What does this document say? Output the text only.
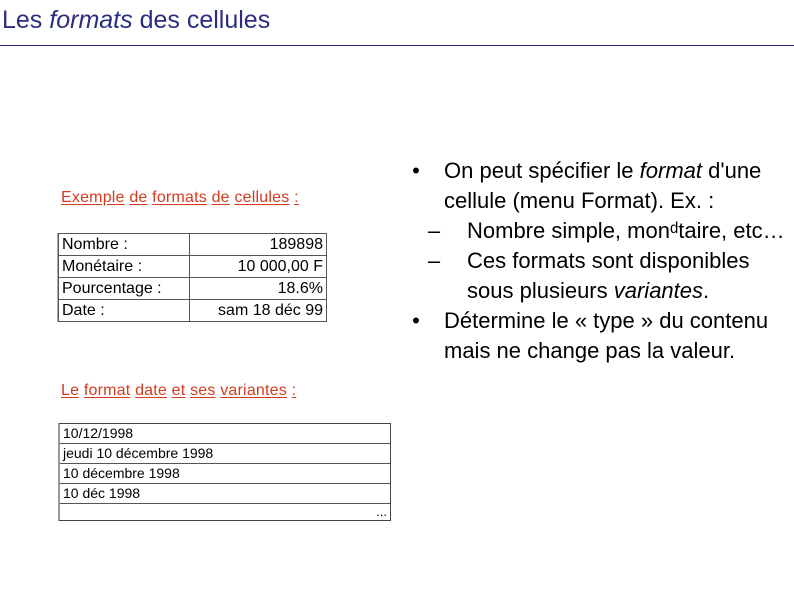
Les formats des cellules
Exemple de formats de cellules :
Nombre :	189898
Monétaire :	10 000,00 F
Pourcentage :	18.6%
Date :	sam 18 déc 99
Le format date et ses variantes :
10/12/1998
jeudi 10 décembre 1998
10 décembre 1998
10 déc 1998
...
• On peut spécifier le format d'une cellule (menu Format). Ex. :
– Nombre simple, monᵈtaire, etc…
– Ces formats sont disponibles sous plusieurs variantes.
• Détermine le « type » du contenu mais ne change pas la valeur.
